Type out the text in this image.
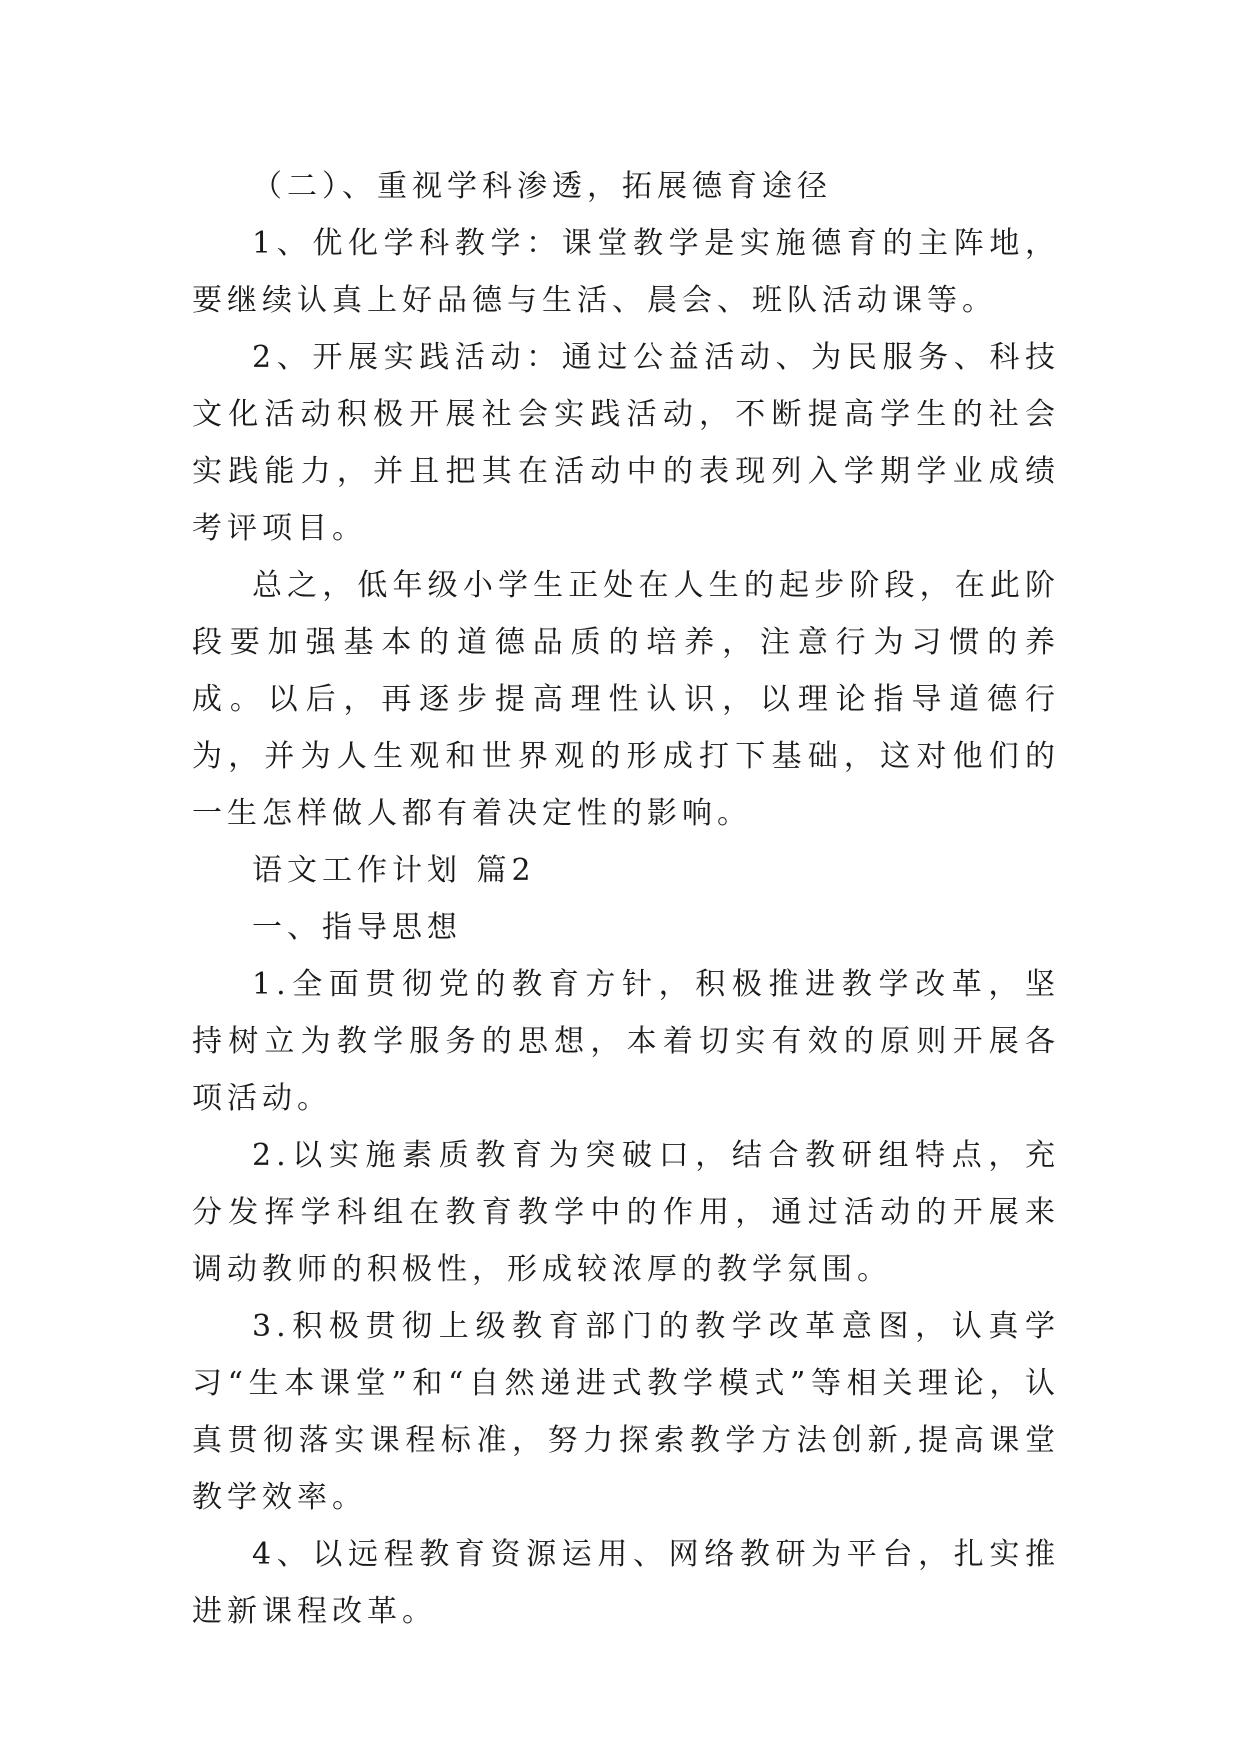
（二）、重视学科渗透，拓展德育途径

1、优化学科教学：课堂教学是实施德育的主阵地，要继续认真上好品德与生活、晨会、班队活动课等。

2、开展实践活动：通过公益活动、为民服务、科技文化活动积极开展社会实践活动，不断提高学生的社会实践能力，并且把其在活动中的表现列入学期学业成绩考评项目。

总之，低年级小学生正处在人生的起步阶段，在此阶段要加强基本的道德品质的培养，注意行为习惯的养成。以后，再逐步提高理性认识，以理论指导道德行为，并为人生观和世界观的形成打下基础，这对他们的一生怎样做人都有着决定性的影响。

语文工作计划 篇2

一、指导思想

1.全面贯彻党的教育方针，积极推进教学改革，坚持树立为教学服务的思想，本着切实有效的原则开展各项活动。

2.以实施素质教育为突破口，结合教研组特点，充分发挥学科组在教育教学中的作用，通过活动的开展来调动教师的积极性，形成较浓厚的教学氛围。

3.积极贯彻上级教育部门的教学改革意图，认真学习“生本课堂”和“自然递进式教学模式”等相关理论，认真贯彻落实课程标准，努力探索教学方法创新,提高课堂教学效率。

4、以远程教育资源运用、网络教研为平台，扎实推进新课程改革。
